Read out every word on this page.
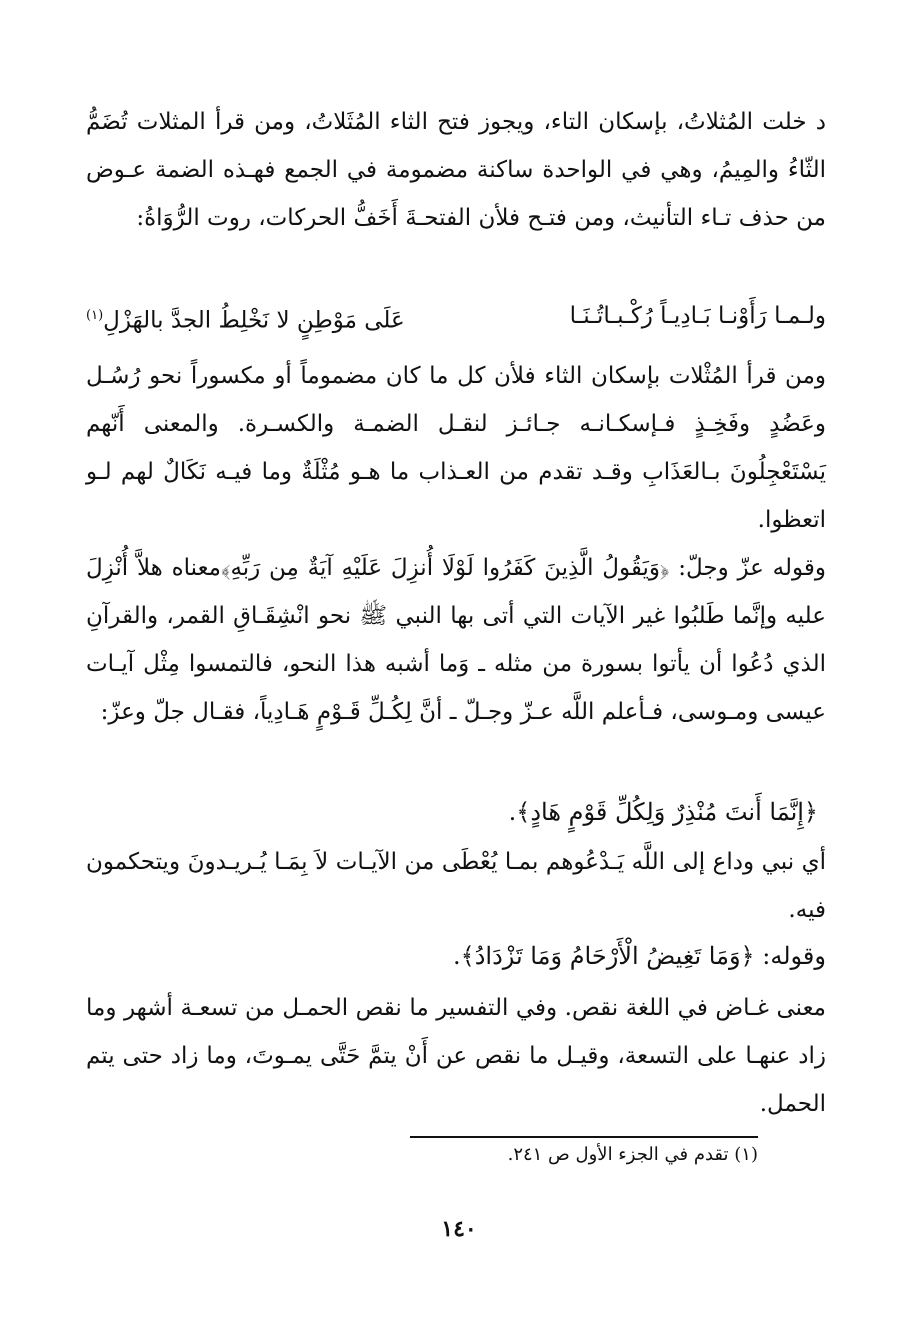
د خلت المُثلاتُ، بإسكان التاء، ويجوز فتح الثاء المُثَلاتُ، ومن قرأ المثلات تُضَمُّ الثّاءُ والمِيمُ، وهي في الواحدة ساكنة مضمومة في الجمع فهـذه الضمة عـوض من حذف تـاء التأنيث، ومن فتـح فلأن الفتحـةَ أَخَفُّ الحركات، روت الرُّوَاةُ:

ولـمـا رَأَوْنـا بَـادِيـاً رُكْـبـاتُـنَـا
عَلَى مَوْطِنٍ لا نَخْلِطُ الجدَّ بالهَزْلِ$^{(١)}$

ومن قرأ المُثْلات بإسكان الثاء فلأن كل ما كان مضموماً أو مكسوراً نحو رُسُـل وعَضُدٍ وفَخِـذٍ فـإسكـانـه جـائـز لنقـل الضمـة والكسـرة. والمعنى أَنّهم يَسْتَعْجِلُونَ بـالعَذَابِ وقـد تقدم من العـذاب ما هـو مُثْلَةٌ وما فيـه نَكَالٌ لهم لـو اتعظوا.

وقوله عزّ وجلّ: ﴿وَيَقُولُ الَّذِينَ كَفَرُوا لَوْلَا أُنزِلَ عَلَيْهِ آيَةٌ مِن رَبِّهِ﴾معناه هلاَّ أُنْزِلَ عليه وإنَّما طَلبُوا غير الآيات التي أتى بها النبي ﷺ نحو انْشِقَـاقِ القمر، والقرآنِ الذي دُعُوا أن يأتوا بسورة من مثله ـ وَما أشبه هذا النحو، فالتمسوا مِثْل آيـات عيسى ومـوسى، فـأعلم اللَّه عـزّ وجـلّ ـ أنَّ لِكُـلِّ قَـوْمٍ هَـادِياً، فقـال جلّ وعزّ:

﴿إِنَّمَا أَنتَ مُنْذِرٌ وَلِكُلِّ قَوْمٍ هَادٍ﴾.

أي نبي وداع إلى اللَّه يَـدْعُوهم بمـا يُعْطَى من الآيـات لاَ بِمَـا يُـريـدونَ ويتحكمون فيه.

وقوله: ﴿وَمَا تَغِيضُ الْأَرْحَامُ وَمَا تَزْدَادُ﴾.

معنى غـاض في اللغة نقص. وفي التفسير ما نقص الحمـل من تسعـة أشهر وما زاد عنهـا على التسعة، وقيـل ما نقص عن أَنْ يتمَّ حَتَّى يمـوتَ، وما زاد حتى يتم الحمل.

(١) تقدم في الجزء الأول ص ٢٤١.
١٤٠
